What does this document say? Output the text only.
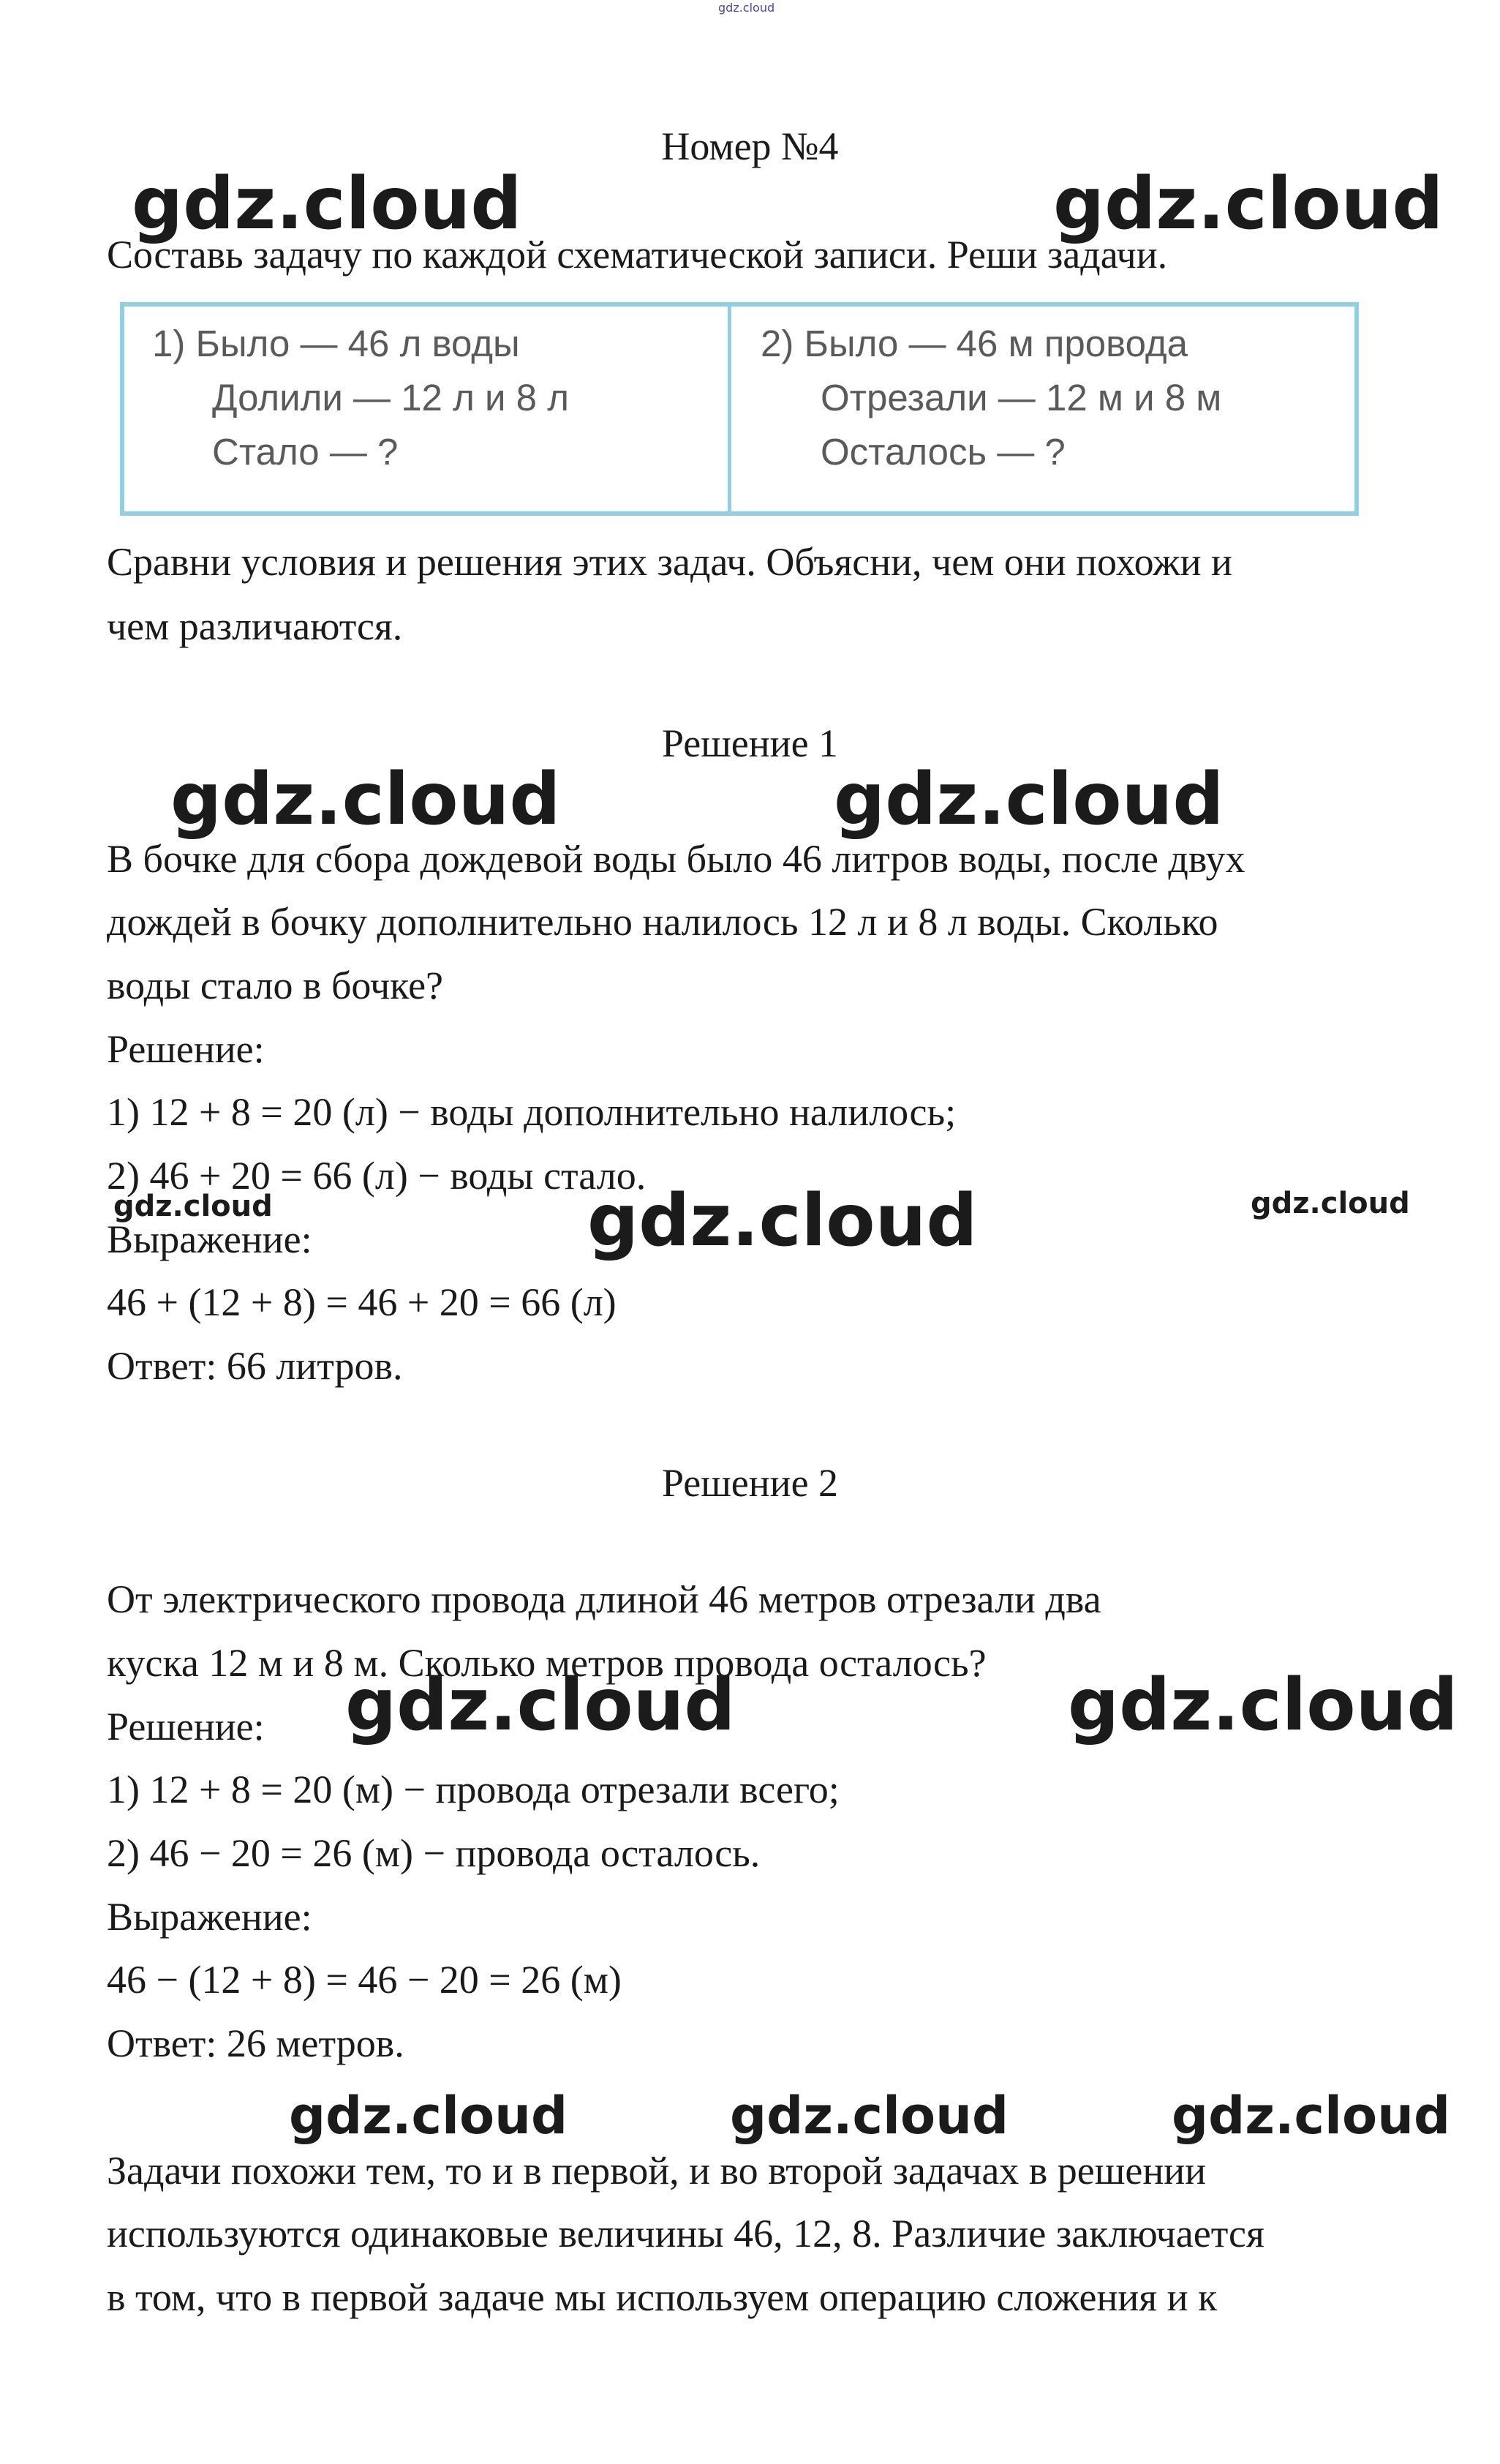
gdz.cloud
Номер №4
gdz.cloud	gdz.cloud
Составь задачу по каждой схематической записи. Реши задачи.
1) Было — 46 л воды
Долили — 12 л и 8 л
Стало — ?
2) Было — 46 м провода
Отрезали — 12 м и 8 м
Осталось — ?
Сравни условия и решения этих задач. Объясни, чем они похожи и
чем различаются.
Решение 1
gdz.cloud	gdz.cloud
В бочке для сбора дождевой воды было 46 литров воды, после двух
дождей в бочку дополнительно налилось 12 л и 8 л воды. Сколько
воды стало в бочке?
Решение:
1) 12 + 8 = 20 (л) − воды дополнительно налилось;
2) 46 + 20 = 66 (л) − воды стало.
gdz.cloud	gdz.cloud	gdz.cloud
Выражение:
46 + (12 + 8) = 46 + 20 = 66 (л)
Ответ: 66 литров.
Решение 2
От электрического провода длиной 46 метров отрезали два
куска 12 м и 8 м. Сколько метров провода осталось?
gdz.cloud	gdz.cloud
Решение:
1) 12 + 8 = 20 (м) − провода отрезали всего;
2) 46 − 20 = 26 (м) − провода осталось.
Выражение:
46 − (12 + 8) = 46 − 20 = 26 (м)
Ответ: 26 метров.
gdz.cloud	gdz.cloud	gdz.cloud
Задачи похожи тем, то и в первой, и во второй задачах в решении
используются одинаковые величины 46, 12, 8. Различие заключается
в том, что в первой задаче мы используем операцию сложения и к
